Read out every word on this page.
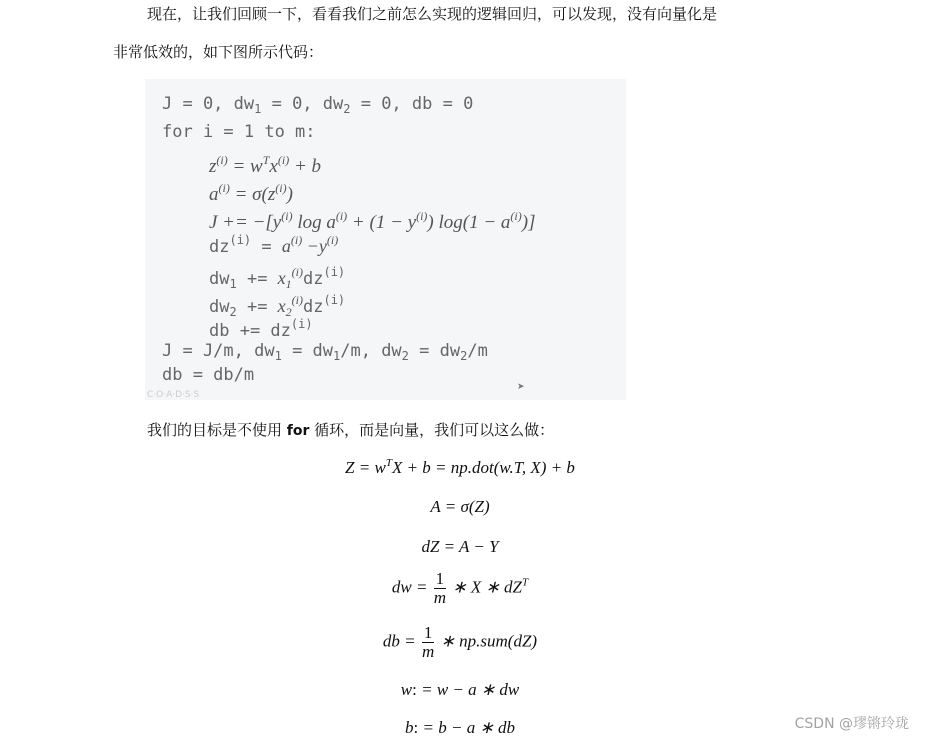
现在，让我们回顾一下，看看我们之前怎么实现的逻辑回归，可以发现，没有向量化是
非常低效的，如下图所示代码：
J = 0, $dw_1 = 0$, $dw_2 = 0$, db = 0
for i = 1 to m:
$z^{(i)} = w^Tx^{(i)} + b$
$a^{(i)} = \sigma(z^{(i)})$
$J += -[y^{(i)}$ $\log a^{(i)} + (1 - y^{(i)}) \log(1 - a^{(i)})$]
$dz^{(i)} = a^{(i)} -y^{(i)}$
$dw_1 += x_1^{(i)}dz^{(i)}$
$dw_2 += x_2^{(i)}dz^{(i)}$
db += $dz^{(i)}$
J = J/m, $dw_1 = dw_1/m$, $dw_2 = dw_2/m$
db = db/m
➤
C·O·A·D·S·S
我们的目标是不使用 for 循环，而是向量，我们可以这么做：
$Z = w^TX + b = np.dot(w.T$, X) + b
A = σ(Z)
dZ = A − Y
dw = $\frac{1}{m}$ ∗ X ∗ $dZ^T$
db = $\frac{1}{m}$ ∗ np.sum(dZ)
w: = w − a ∗ dw
b: = b − a ∗ db	CSDN @璆锵玲珑
